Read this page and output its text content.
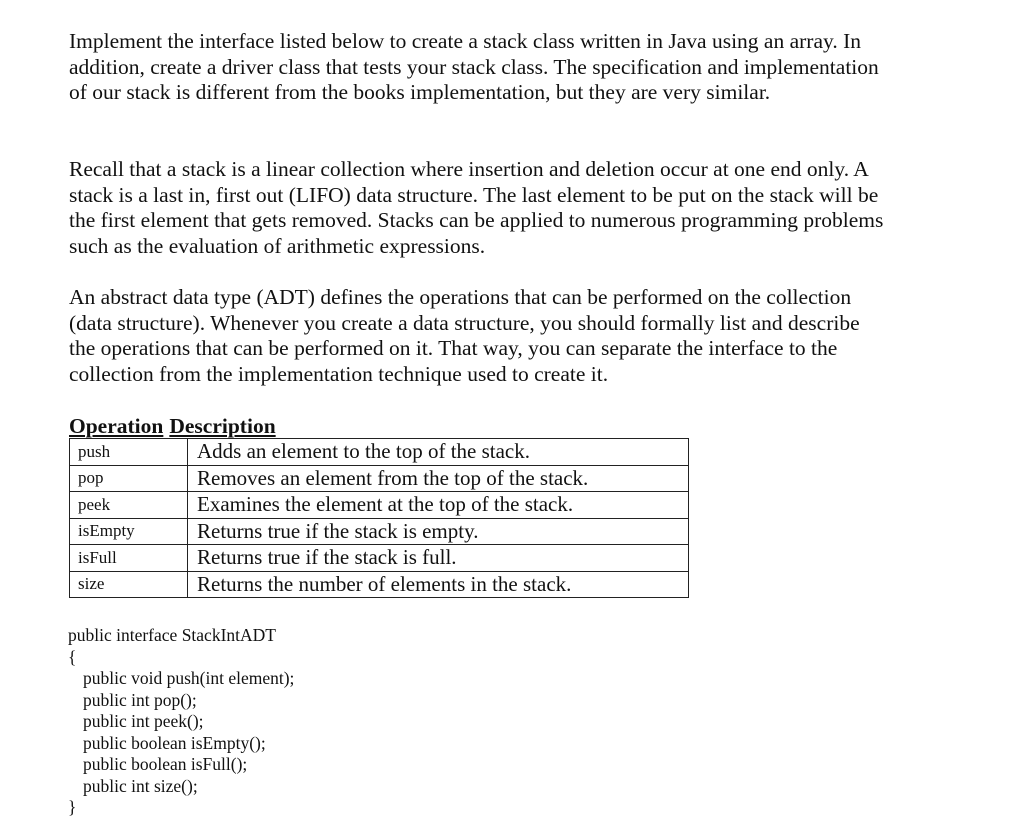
Implement the interface listed below to create a stack class written in Java using an array. In addition, create a driver class that tests your stack class. The specification and implementation of our stack is different from the books implementation, but they are very similar.

Recall that a stack is a linear collection where insertion and deletion occur at one end only. A stack is a last in, first out (LIFO) data structure. The last element to be put on the stack will be the first element that gets removed. Stacks can be applied to numerous programming problems such as the evaluation of arithmetic expressions.

An abstract data type (ADT) defines the operations that can be performed on the collection (data structure). Whenever you create a data structure, you should formally list and describe the operations that can be performed on it. That way, you can separate the interface to the collection from the implementation technique used to create it.

Operation Description
push	Adds an element to the top of the stack.
pop	Removes an element from the top of the stack.
peek	Examines the element at the top of the stack.
isEmpty	Returns true if the stack is empty.
isFull	Returns true if the stack is full.
size	Returns the number of elements in the stack.
public interface StackIntADT
{
public void push(int element);
public int pop();
public int peek();
public boolean isEmpty();
public boolean isFull();
public int size();
}
